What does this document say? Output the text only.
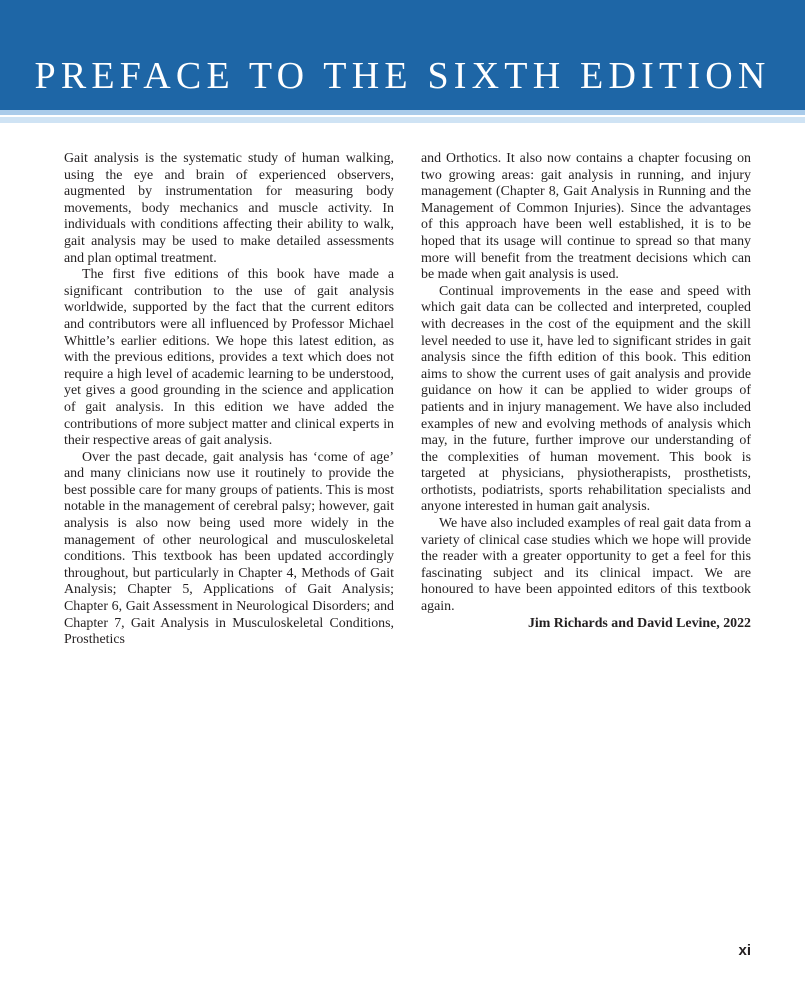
PREFACE TO THE SIXTH EDITION

Gait analysis is the systematic study of human walking, using the eye and brain of experienced observers, augmented by instrumentation for measuring body movements, body mechanics and muscle activity. In individuals with conditions affecting their ability to walk, gait analysis may be used to make detailed assessments and plan optimal treatment.

The first five editions of this book have made a significant contribution to the use of gait analysis worldwide, supported by the fact that the current editors and contributors were all influenced by Professor Michael Whittle’s earlier editions. We hope this latest edition, as with the previous editions, provides a text which does not require a high level of academic learning to be understood, yet gives a good grounding in the science and application of gait analysis. In this edition we have added the contributions of more subject matter and clinical experts in their respective areas of gait analysis.

Over the past decade, gait analysis has ‘come of age’ and many clinicians now use it routinely to provide the best possible care for many groups of patients. This is most notable in the management of cerebral palsy; however, gait analysis is also now being used more widely in the management of other neurological and musculoskeletal conditions. This textbook has been updated accordingly throughout, but particularly in Chapter 4, Methods of Gait Analysis; Chapter 5, Applications of Gait Analysis; Chapter 6, Gait Assessment in Neurological Disorders; and Chapter 7, Gait Analysis in Musculoskeletal Conditions, Prosthetics

and Orthotics. It also now contains a chapter focusing on two growing areas: gait analysis in running, and injury management (Chapter 8, Gait Analysis in Running and the Management of Common Injuries). Since the advantages of this approach have been well established, it is to be hoped that its usage will continue to spread so that many more will benefit from the treatment decisions which can be made when gait analysis is used.

Continual improvements in the ease and speed with which gait data can be collected and interpreted, coupled with decreases in the cost of the equipment and the skill level needed to use it, have led to significant strides in gait analysis since the fifth edition of this book. This edition aims to show the current uses of gait analysis and provide guidance on how it can be applied to wider groups of patients and in injury management. We have also included examples of new and evolving methods of analysis which may, in the future, further improve our understanding of the complexities of human movement. This book is targeted at physicians, physiotherapists, prosthetists, orthotists, podiatrists, sports rehabilitation specialists and anyone interested in human gait analysis.

We have also included examples of real gait data from a variety of clinical case studies which we hope will provide the reader with a greater opportunity to get a feel for this fascinating subject and its clinical impact. We are honoured to have been appointed editors of this textbook again.

Jim Richards and David Levine, 2022

xi
